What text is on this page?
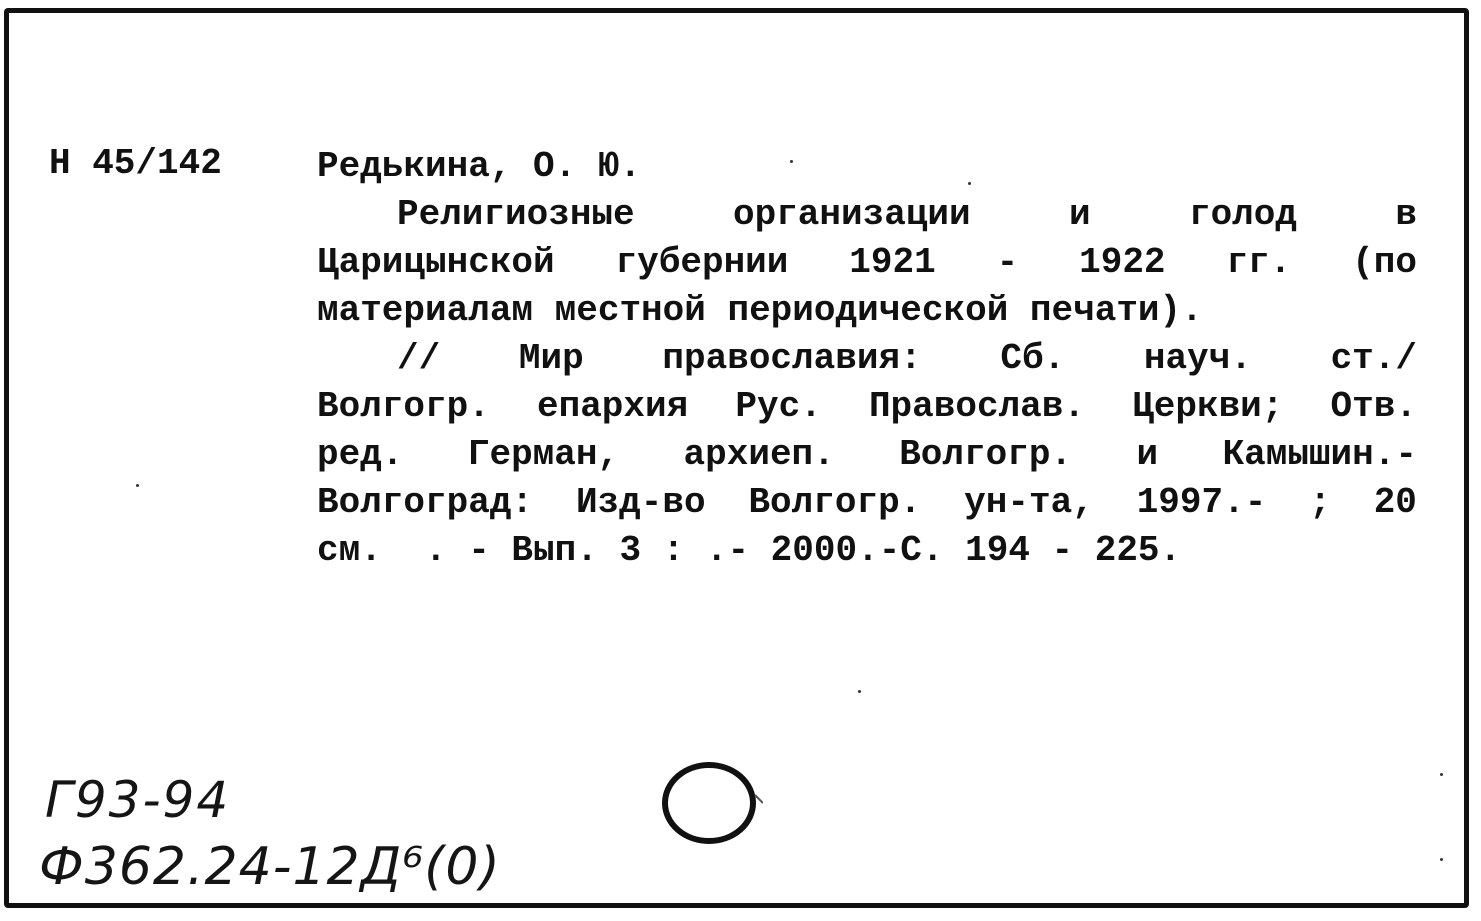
Н 45/142	Редькина, О. Ю.
Религиозные	организации	и	голод	в
Царицынской губернии 1921 - 1922 гг. (по
материалам местной периодической печати).
// Мир православия: Сб. науч. ст./
Волгогр. епархия Рус. Православ. Церкви; Отв.
ред. Герман, архиеп. Волгогр. и Камышин.-
Волгоград: Изд-во Волгогр. ун-та, 1997.- ; 20
см.  . - Вып. 3 : .- 2000.-С. 194 - 225.
Г93-94
Ф362.24-12Д⁶(0)
